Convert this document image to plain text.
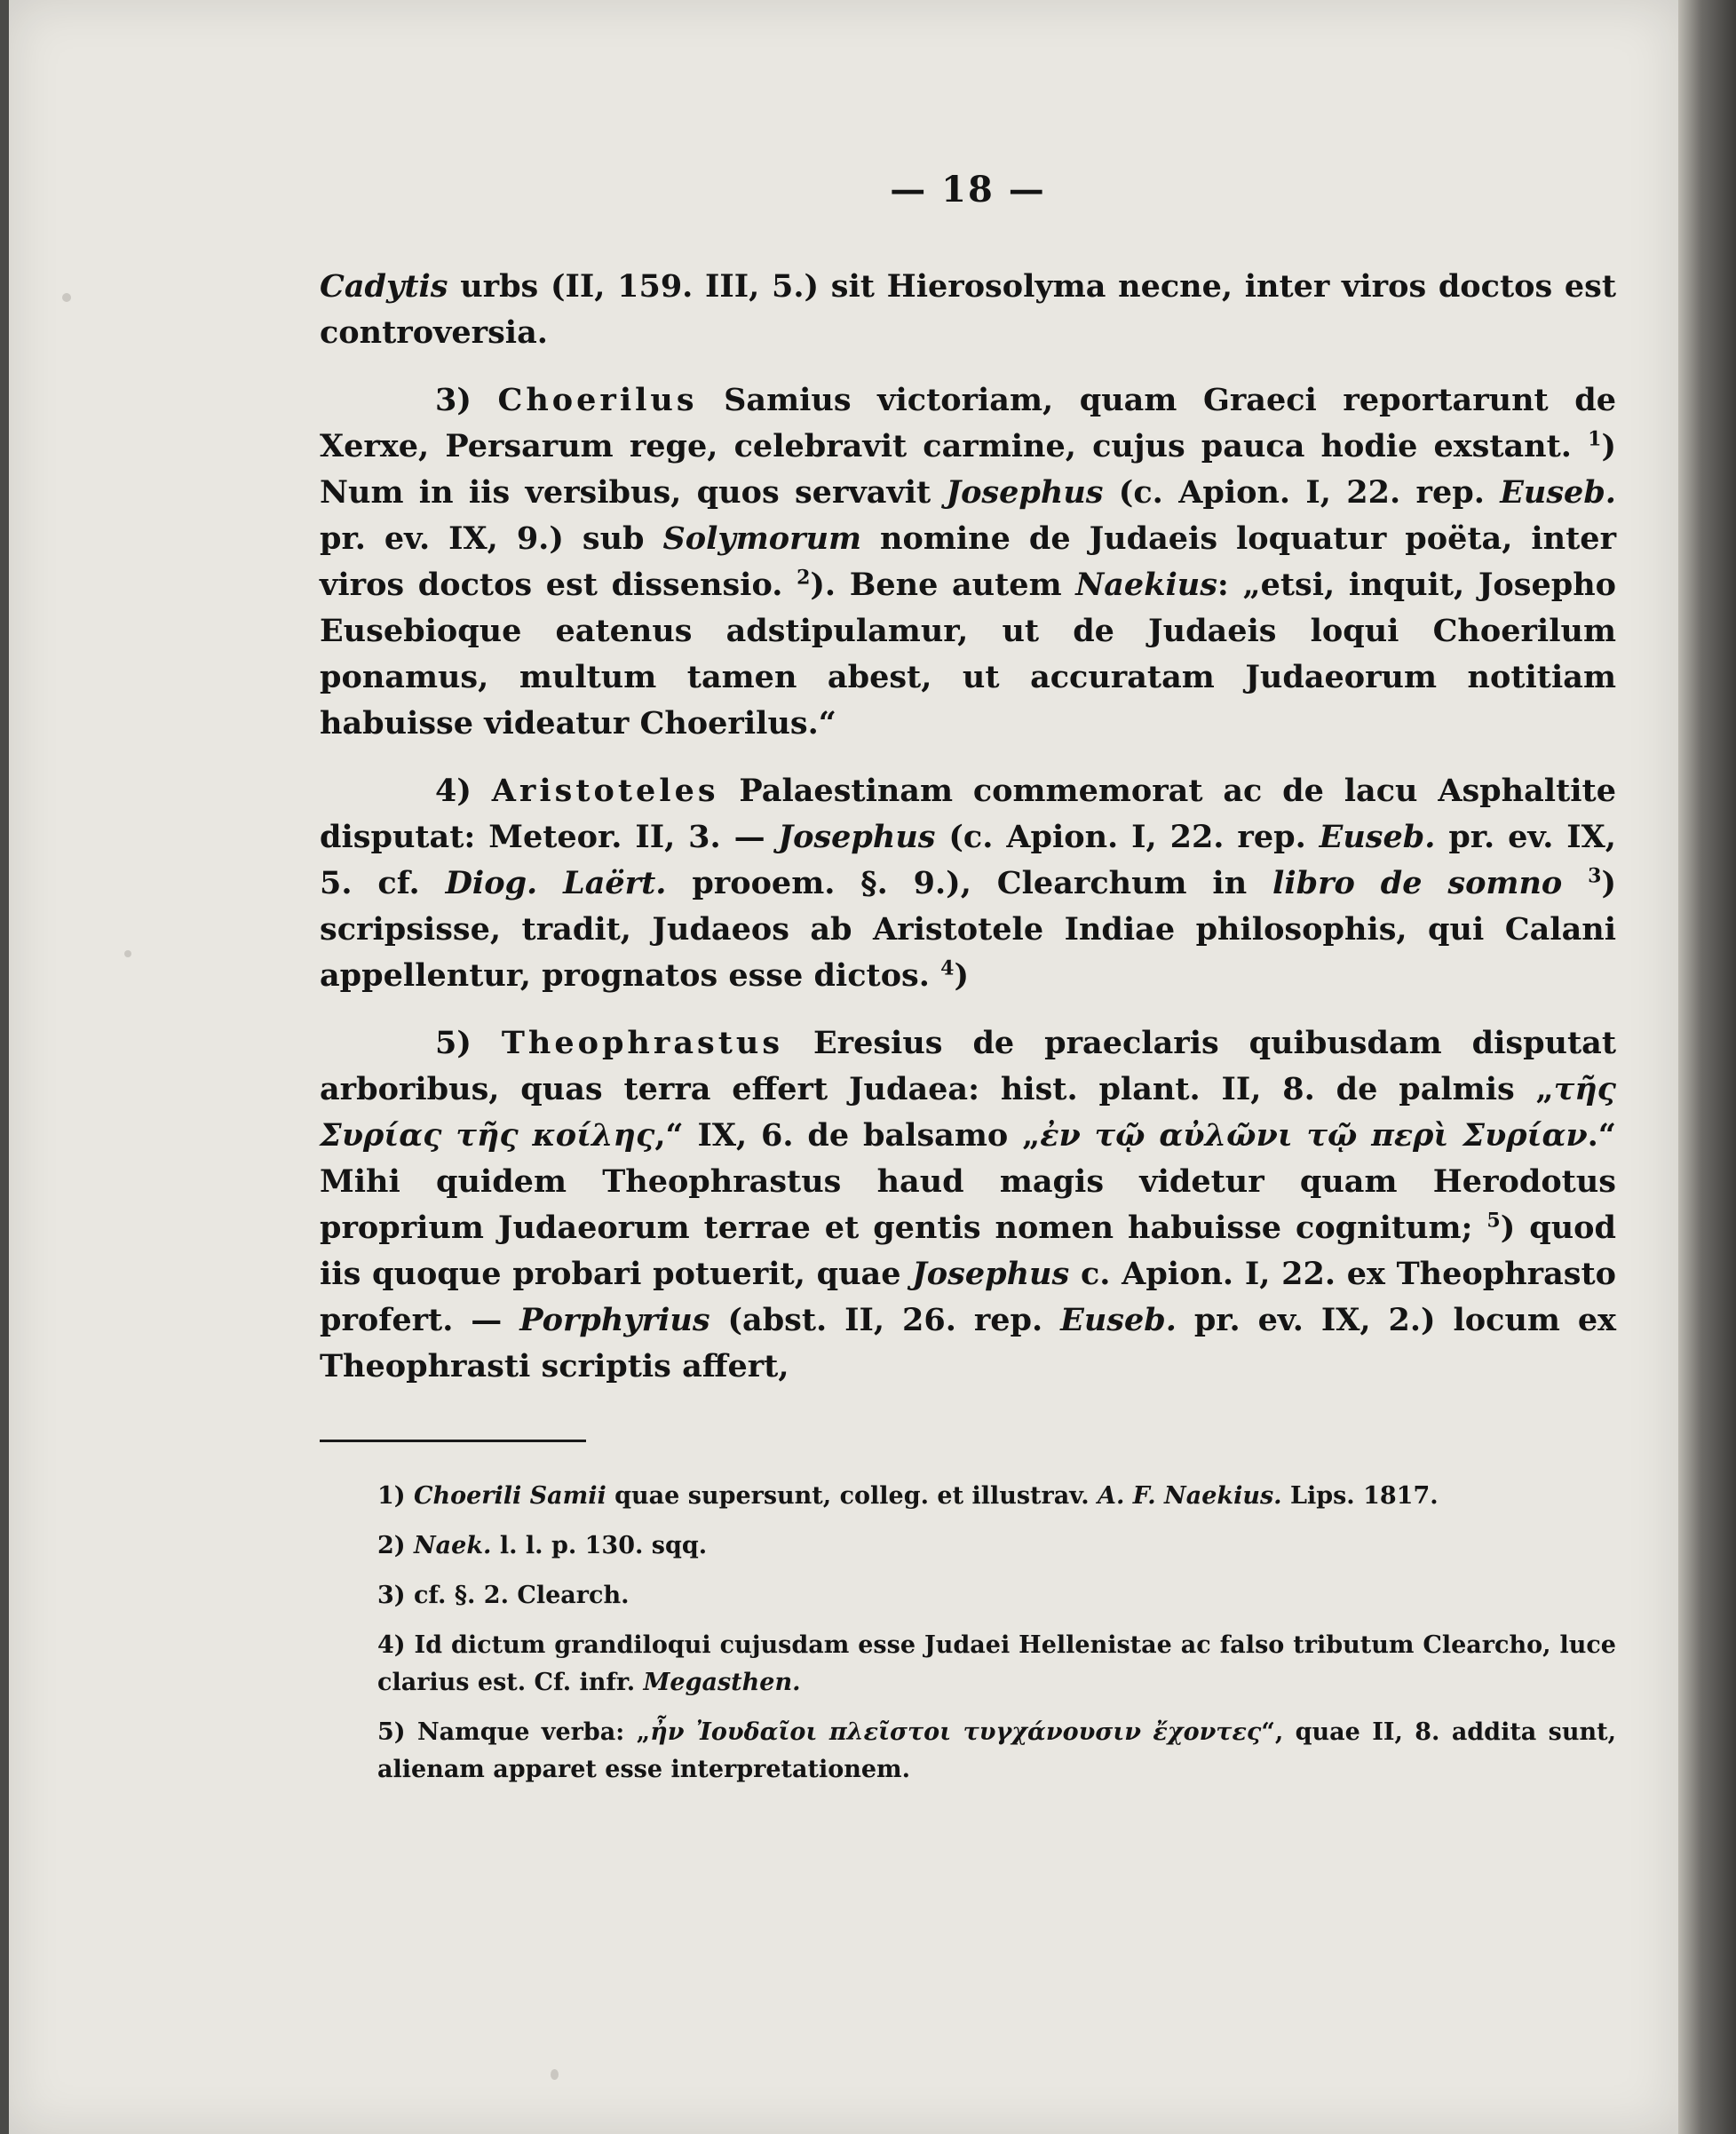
— 18 —

Cadytis urbs (II, 159. III, 5.) sit Hierosolyma necne, inter viros doctos est controversia.

3) Choerilus Samius victoriam, quam Graeci reportarunt de Xerxe, Persarum rege, celebravit carmine, cujus pauca hodie exstant. $^1$) Num in iis versibus, quos servavit Josephus (c. Apion. I, 22. rep. Euseb. pr. ev. IX, 9.) sub Solymorum nomine de Judaeis loquatur poëta, inter viros doctos est dissensio. $^2$). Bene autem Naekius: „etsi, inquit, Josepho Eusebioque eatenus adstipulamur, ut de Judaeis loqui Choerilum ponamus, multum tamen abest, ut accuratam Judaeorum notitiam habuisse videatur Choerilus.“

4) Aristoteles Palaestinam commemorat ac de lacu Asphaltite disputat: Meteor. II, 3. — Josephus (c. Apion. I, 22. rep. Euseb. pr. ev. IX, 5. cf. Diog. Laërt. prooem. §. 9.), Clearchum in libro de somno $^3$) scripsisse, tradit, Judaeos ab Aristotele Indiae philosophis, qui Calani appellentur, prognatos esse dictos. $^4$)

5) Theophrastus Eresius de praeclaris quibusdam disputat arboribus, quas terra effert Judaea: hist. plant. II, 8. de palmis „τῆς Συρίας τῆς κοίλης,“ IX, 6. de balsamo „ἐν τῷ αὐλῶνι τῷ περὶ Συρίαν.“ Mihi quidem Theophrastus haud magis videtur quam Herodotus proprium Judaeorum terrae et gentis nomen habuisse cognitum; $^5$) quod iis quoque probari potuerit, quae Josephus c. Apion. I, 22. ex Theophrasto profert. — Porphyrius (abst. II, 26. rep. Euseb. pr. ev. IX, 2.) locum ex Theophrasti scriptis affert,

1) Choerili Samii quae supersunt, colleg. et illustrav. A. F. Naekius. Lips. 1817.

2) Naek. l. l. p. 130. sqq.

3) cf. §. 2. Clearch.

4) Id dictum grandiloqui cujusdam esse Judaei Hellenistae ac falso tributum Clearcho, luce clarius est. Cf. infr. Megasthen.

5) Namque verba: „ἦν Ἰουδαῖοι πλεῖστοι τυγχάνουσιν ἔχοντες“, quae II, 8. addita sunt, alienam apparet esse interpretationem.
